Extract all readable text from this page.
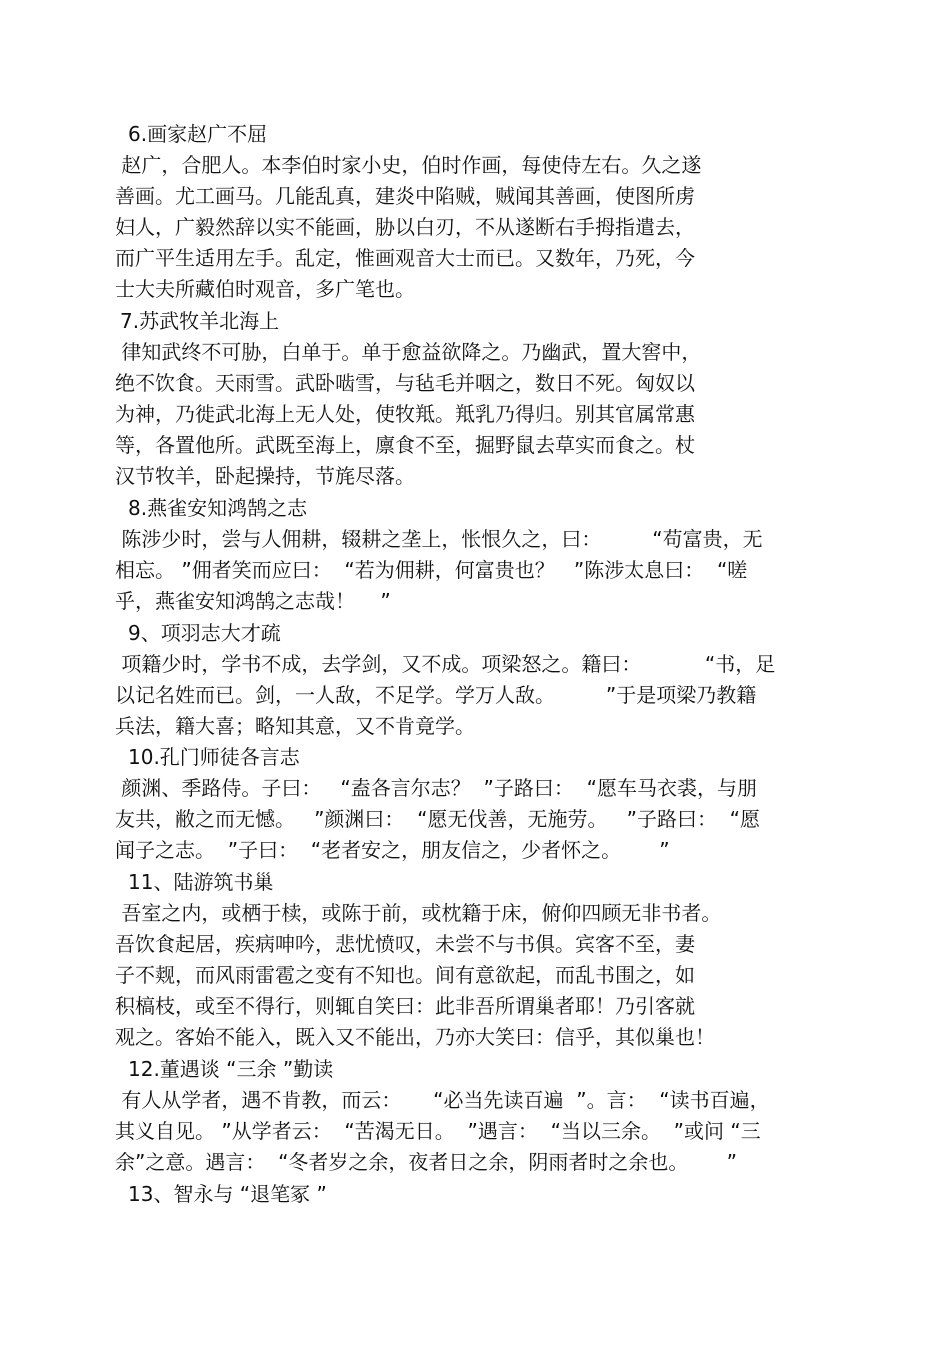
6.画家赵广不屈
赵广，合肥人。本李伯时家小史，伯时作画，每使侍左右。久之遂
善画。尤工画马。几能乱真，建炎中陷贼，贼闻其善画，使图所虏
妇人，广毅然辞以实不能画，胁以白刃，不从遂断右手拇指遣去，
而广平生适用左手。乱定，惟画观音大士而已。又数年，乃死，今
士大夫所藏伯时观音，多广笔也。
7.苏武牧羊北海上
律知武终不可胁，白单于。单于愈益欲降之。乃幽武，置大窖中，
绝不饮食。天雨雪。武卧啮雪，与毡毛并咽之，数日不死。匈奴以
为神，乃徙武北海上无人处，使牧羝。羝乳乃得归。别其官属常惠
等，各置他所。武既至海上，廪食不至，掘野鼠去草实而食之。杖
汉节牧羊，卧起操持，节旄尽落。
8.燕雀安知鸿鹄之志
陈涉少时，尝与人佣耕，辍耕之垄上，怅恨久之，曰：        “苟富贵，无
相忘。 ”佣者笑而应曰：  “若为佣耕，何富贵也？   ”陈涉太息曰：  “嗟
乎，燕雀安知鸿鹄之志哉！    ”
9、项羽志大才疏
项籍少时，学书不成，去学剑，又不成。项梁怒之。籍曰：          “书，足
以记名姓而已。剑，一人敌，不足学。学万人敌。        ”于是项梁乃教籍
兵法，籍大喜；略知其意，又不肯竟学。
10.孔门师徒各言志
颜渊、季路侍。子曰：   “盍各言尔志？  ”子路曰：  “愿车马衣裘，与朋
友共，敝之而无憾。   ”颜渊曰：  “愿无伐善，无施劳。   ”子路曰：  “愿
闻子之志。  ”子曰：  “老者安之，朋友信之，少者怀之。      ”
11、陆游筑书巢
吾室之内，或栖于椟，或陈于前，或枕籍于床，俯仰四顾无非书者。
吾饮食起居，疾病呻吟，悲忧愤叹，未尝不与书俱。宾客不至，妻
子不觌，而风雨雷雹之变有不知也。间有意欲起，而乱书围之，如
积槁枝，或至不得行，则辄自笑曰：此非吾所谓巢者耶！乃引客就
观之。客始不能入，既入又不能出，乃亦大笑曰：信乎，其似巢也！
12.董遇谈 “三余 ”勤读
有人从学者，遇不肯教，而云：     “必当先读百遍  ”。言：  “读书百遍，
其义自见。 ”从学者云：  “苦渴无日。  ”遇言：  “当以三余。  ”或问 “三
余”之意。遇言：  “冬者岁之余，夜者日之余，阴雨者时之余也。      ”
13、智永与 “退笔冢 ”
